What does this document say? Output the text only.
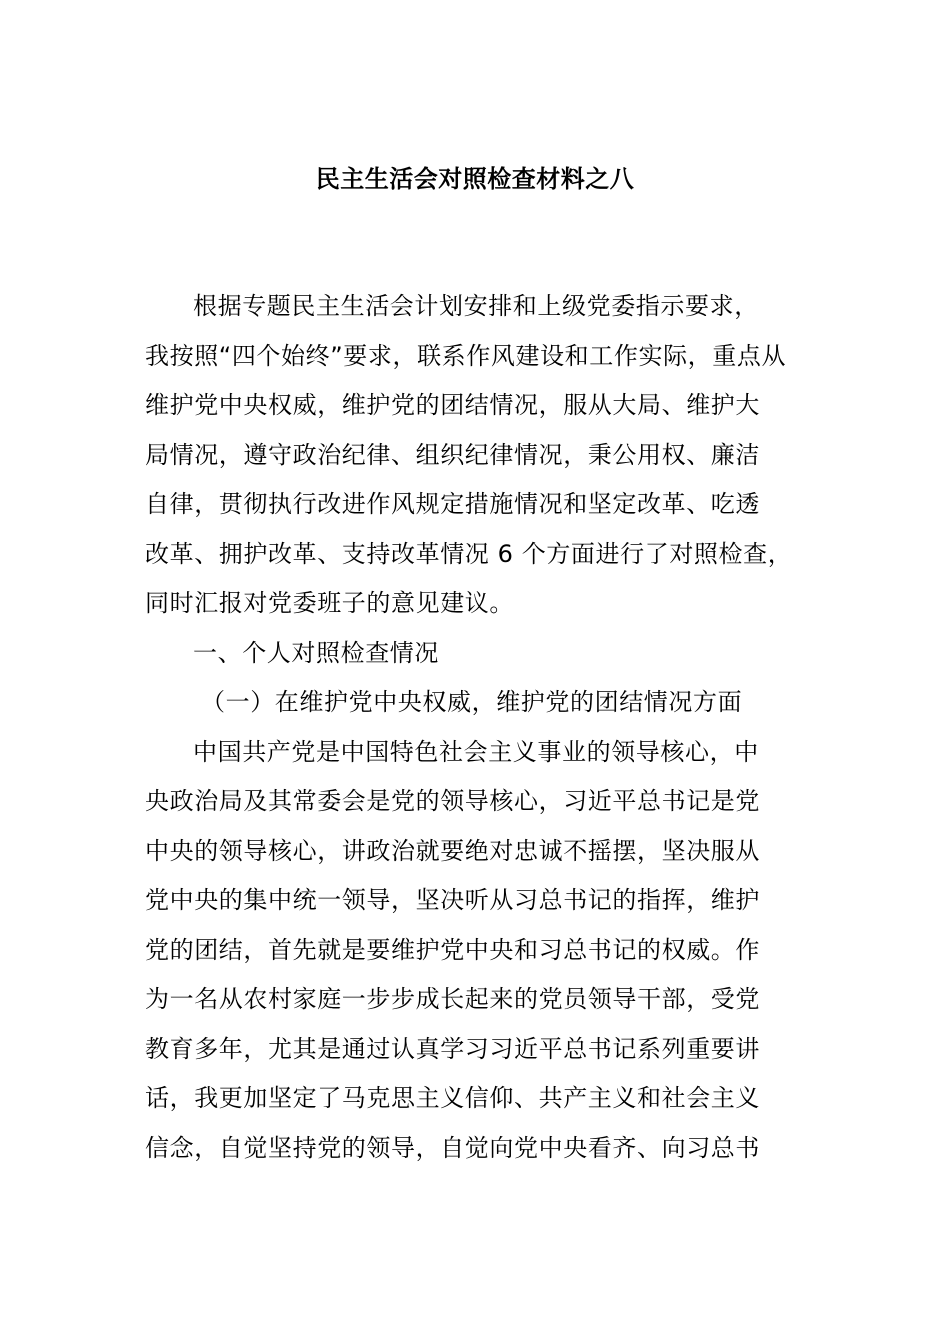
民主生活会对照检查材料之八
根据专题民主生活会计划安排和上级党委指示要求，
我按照“四个始终”要求，联系作风建设和工作实际，重点从
维护党中央权威，维护党的团结情况，服从大局、维护大
局情况，遵守政治纪律、组织纪律情况，秉公用权、廉洁
自律，贯彻执行改进作风规定措施情况和坚定改革、吃透
改革、拥护改革、支持改革情况 6 个方面进行了对照检查，
同时汇报对党委班子的意见建议。
一、个人对照检查情况
（一）在维护党中央权威，维护党的团结情况方面
中国共产党是中国特色社会主义事业的领导核心，中
央政治局及其常委会是党的领导核心，习近平总书记是党
中央的领导核心，讲政治就要绝对忠诚不摇摆，坚决服从
党中央的集中统一领导，坚决听从习总书记的指挥，维护
党的团结，首先就是要维护党中央和习总书记的权威。作
为一名从农村家庭一步步成长起来的党员领导干部，受党
教育多年，尤其是通过认真学习习近平总书记系列重要讲
话，我更加坚定了马克思主义信仰、共产主义和社会主义
信念，自觉坚持党的领导，自觉向党中央看齐、向习总书
